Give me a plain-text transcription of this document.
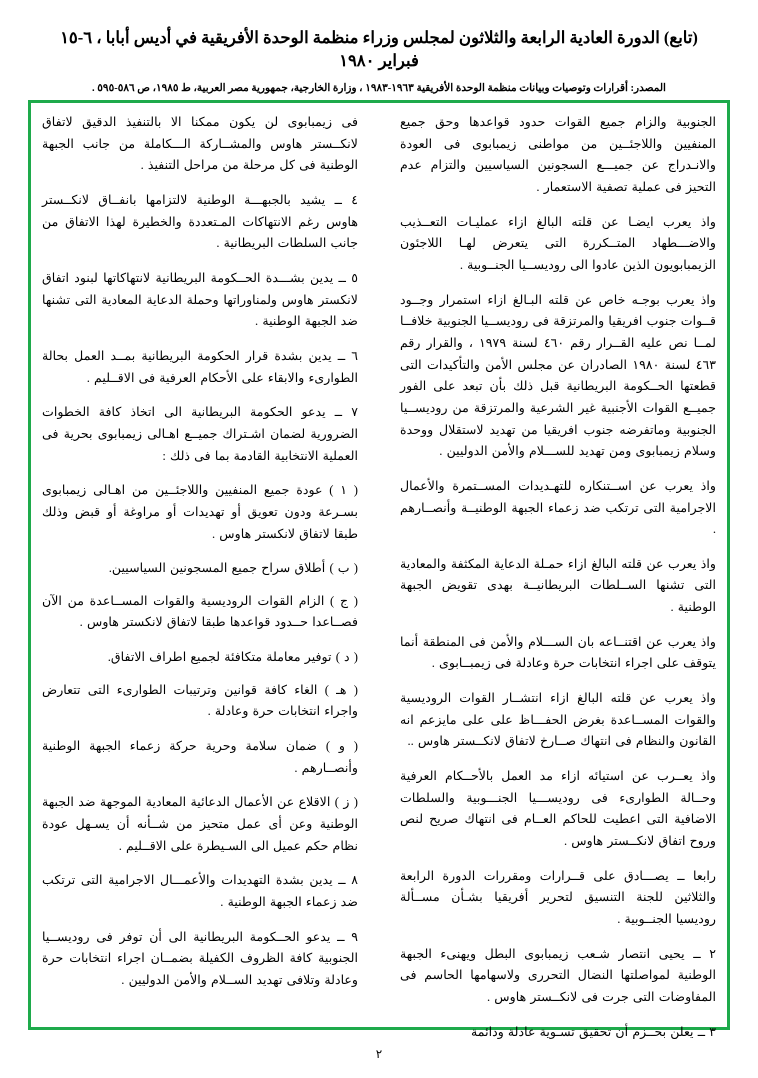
(تابع) الدورة العادية الرابعة والثلاثون لمجلس وزراء منظمة الوحدة الأفريقية في أديس أبابا ، ٦-١٥ فبراير ١٩٨٠
المصدر: أقرارات وتوصيات وبيانات منظمة الوحدة الأفريقية ١٩٦٣-١٩٨٣ ، وزارة الخارجية، جمهورية مصر العربية، ط ١٩٨٥، ص ٥٨٦-٥٩٥ .

الجنوبية والزام جميع القوات حدود قواعدها وحق جميع المنفيين واللاجئــين من مواطنى زيمبابوى فى العودة والانـدراج عن جميـــع السجونين السياسيين والتزام عدم التحيز فى عملية تصفية الاستعمار .

واذ يعرب ايضـا عن قلته البالغ ازاء عمليـات التعــذيب والاضـــطهاد المتــكررة التى يتعرض لهـا اللاجئون الزيمبابويون الذين عادوا الى روديســيا الجنــوبية .

واذ يعرب بوجـه خاص عن قلته البـالغ ازاء استمرار وجــود قــوات جنوب افريقيا والمرتزقة فى روديســيا الجنوبية خلافــا لمــا نص عليه القــرار رقم ٤٦٠ لسنة ١٩٧٩ ، والقرار رقم ٤٦٣ لسنة ١٩٨٠ الصادران عن مجلس الأمن والتأكيدات التى قطعتها الحــكومة البريطانية قبل ذلك بأن تبعد على الفور جميــع القوات الأجنبية غير الشرعية والمرتزقة من روديســيا الجنوبية وماتفرضه جنوب افريقيا من تهديد لاستقلال ووحدة وسلام زيمبابوى ومن تهديد للســـلام والأمن الدوليين .

واذ يعرب عن اســتنكاره للتهـديدات المســتمرة والأعمال الاجرامية التى ترتكب ضد زعماء الجبهة الوطنيــة وأنصــارهم .

واذ يعرب عن قلته البالغ ازاء حمـلة الدعاية المكثفة والمعادية التى تشنها الســلطات البريطانيــة بهدى تقويض الجبهة الوطنية .

واذ يعرب عن اقتنــاعه بان الســـلام والأمن فى المنطقة أنما يتوقف على اجراء انتخابات حرة وعادلة فى زيمبــابوى .

واذ يعرب عن قلته البالغ ازاء انتشــار القوات الروديسية والقوات المســاعدة بغرض الحفـــاظ على على مايزعم انه القانون والنظام فى انتهاك صــارخ لاتفاق لانكــستر هاوس ..

واذ يعــرب عن استيائه ازاء مد العمل بالأحــكام العرفية وحــالة الطوارىء فى روديســـيا الجنـــوبية والسلطات الاضافية التى اعطيت للحاكم العــام فى انتهاك صريح لنص وروح اتفاق لانكــستر هاوس .

رابعا ــ يصـــادق على قــرارات ومقررات الدورة الرابعة والثلاثين للجنة التنسيق لتحرير أفريقيا بشـأن مســألة روديسيا الجنــوبية .

٢ ــ يحيى انتصار شـعب زيمبابوى البطل ويهنىء الجبهة الوطنية لمواصلتها النضال التحررى ولاسهامها الحاسم فى المفاوضات التى جرت فى لانكــستر هاوس .

٣ ــ يعلن بحــزم أن تحقيق تسـوية عادلة ودائمة

فى زيمبابوى لن يكون ممكنا الا بالتنفيذ الدقيق لاتفاق لانكــستر هاوس والمشــاركة الـــكاملة من جانب الجبهة الوطنية فى كل مرحلة من مراحل التنفيذ .

٤ ــ يشيد بالجبهـــة الوطنية لالتزامها بانفــاق لانكــستر هاوس رغم الانتهاكات المـتعددة والخطيرة لهذا الاتفاق من جانب السلطات البريطانية .

٥ ــ يدين بشـــدة الحــكومة البريطانية لانتهاكاتها لبنود اتفاق لانكستر هاوس ولمناوراتها وحملة الدعاية المعادية التى تشنها ضد الجبهة الوطنية .

٦ ــ يدين بشدة قرار الحكومة البريطانية بمــد العمل بحالة الطوارىء والابقاء على الأحكام العرفية فى الاقــليم .

٧ ــ يدعو الحكومة البريطانية الى اتخاذ كافة الخطوات الضرورية لضمان اشـتراك جميــع اهـالى زيمبابوى بحرية فى العملية الانتخابية القادمة بما فى ذلك :

( ١ ) عودة جميع المنفيين واللاجئــين من اهـالى زيمبابوى بسـرعة ودون تعويق أو تهديدات أو مراوغة أو قبض وذلك طبقا لاتفاق لانكستر هاوس .

( ب ) أطلاق سراح جميع المسجونين السياسيين.

( ج ) الزام القوات الروديسية والقوات المســاعدة من الآن فصــاعدا حــدود قواعدها طبقا لاتفاق لانكستر هاوس .

( د ) توفير معاملة متكافئة لجميع اطراف الاتفاق.

( هـ ) الغاء كافة قوانين وترتيبات الطوارىء التى تتعارض واجراء انتخابات حرة وعادلة .

( و ) ضمان سلامة وحرية حركة زعماء الجبهة الوطنية وأنصــارهم .

( ز ) الاقلاع عن الأعمال الدعائية المعادية الموجهة ضد الجبهة الوطنية وعن أى عمل متحيز من شــأنه أن يسـهل عودة نظام حكم عميل الى السـيطرة على الاقــليم .

٨ ــ يدين بشدة التهديدات والأعمـــال الاجرامية التى ترتكب ضد زعماء الجبهة الوطنية .

٩ ــ يدعو الحــكومة البريطانية الى أن توفر فى روديســيا الجنوبية كافة الظروف الكفيلة بضمــان اجراء انتخابات حرة وعادلة وتلافى تهديد الســلام والأمن الدوليين .

٢
